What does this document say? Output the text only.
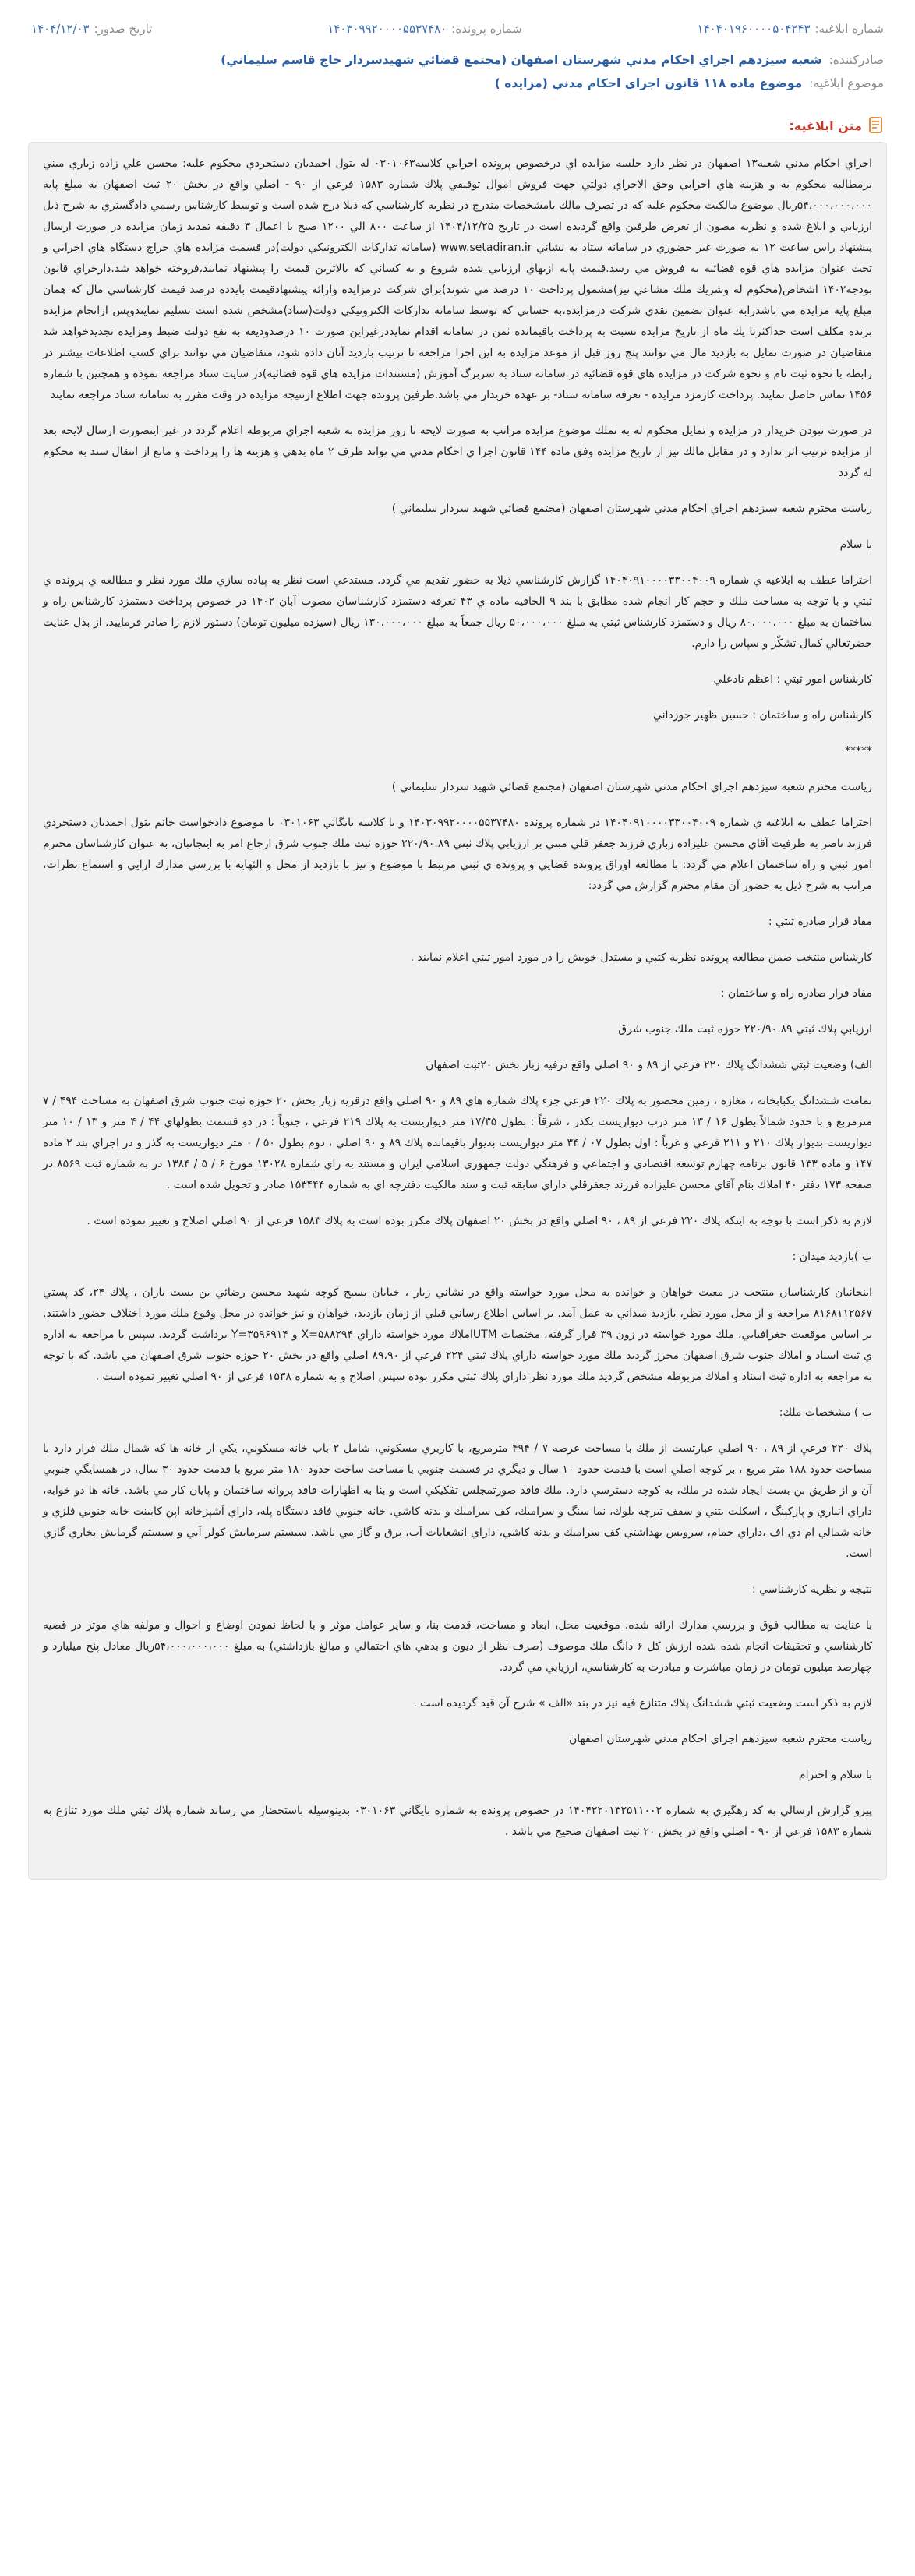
شماره ابلاغیه:
۱۴۰۴۰۱۹۶۰۰۰۰۵۰۴۲۴۳
شماره پرونده:
۱۴۰۳۰۹۹۲۰۰۰۰۵۵۳۷۴۸۰
تاریخ صدور:
۱۴۰۴/۱۲/۰۳
صادرکننده: شعبه سيزدهم اجراي احكام مدني شهرستان اصفهان (مجتمع قضائي شهيدسردار حاج قاسم سليماني)
موضوع ابلاغیه: موضوع ماده ۱۱۸ قانون اجراي احكام مدني (مزايده )
متن ابلاغیه:

اجراي احكام مدني شعبه۱۳ اصفهان در نظر دارد جلسه مزايده اي درخصوص پرونده اجرايي كلاسه۰۳۰۱۰۶۳ له بتول احمديان دستجردي محكوم عليه: محسن علي زاده زباري مبني برمطالبه محكوم به و هزينه هاي اجرايي وحق الاجراي دولتي جهت فروش اموال توقيفي پلاك شماره ۱۵۸۳ فرعي از ۹۰ - اصلي واقع در بخش ۲۰ ثبت اصفهان به مبلغ پايه ۵۴،۰۰۰،۰۰۰،۰۰۰ريال موضوع مالكيت محكوم عليه كه در تصرف مالك بامشخصات مندرج در نظريه كارشناسي كه ذيلا درج شده است و توسط كارشناس رسمي دادگستري به شرح ذيل ارزيابي و ابلاغ شده و نظريه مصون از تعرض طرفين واقع گرديده است در تاريخ ۱۴۰۴/۱۲/۲۵ از ساعت ۸۰۰ الي ۱۲۰۰ صبح با اعمال ۳ دقيقه تمديد زمان مزايده در صورت ارسال پيشنهاد راس ساعت ۱۲ به صورت غير حضوري در سامانه ستاد به نشاني www.setadiran.ir (سامانه تداركات الكترونيكي دولت)در قسمت مزايده هاي حراج دستگاه هاي اجرايي و تحت عنوان مزايده هاي قوه قضائيه به فروش مي رسد.قيمت پايه ازبهاي ارزيابي شده شروع و به كساني كه بالاترين قيمت را پيشنهاد نمايند،فروخته خواهد شد.دارجراي قانون بودجه۱۴۰۲ اشخاص(محكوم له وشريك ملك مشاعي نيز)مشمول پرداخت ۱۰ درصد مي شوند)براي شركت درمزايده وارائه پيشنهادقيمت بايدده درصد قيمت كارشناسي مال كه همان مبلغ پايه مزايده مي باشدرابه عنوان تضمين نقدي شركت درمزايده،به حسابي كه توسط سامانه تداركات الكترونيكي دولت(ستاد)مشخص شده است تسليم نمايندوپس ازانجام مزايده برنده مكلف است حداكثرتا يك ماه از تاريخ مزايده نسبت به پرداخت باقيمانده ثمن در سامانه اقدام نمايددرغيراين صورت ۱۰ درصدوديعه به نفع دولت ضبط ومزايده تجديدخواهد شد متقاضيان در صورت تمايل به بازديد مال مي توانند پنج روز قبل از موعد مزايده به اين اجرا مراجعه تا ترتيب بازديد آنان داده شود، متقاضيان مي توانند براي كسب اطلاعات بيشتر در رابطه با نحوه ثبت نام و نحوه شركت در مزايده هاي قوه قضائيه در سامانه ستاد به سربرگ آموزش (مستندات مزايده هاي قوه قضائيه)در سايت ستاد مراجعه نموده و همچنين با شماره ۱۴۵۶ تماس حاصل نمايند. پرداخت كارمزد مزايده - تعرفه سامانه ستاد- بر عهده خريدار مي باشد.طرفين پرونده جهت اطلاع ازنتيجه مزايده در وقت مقرر به سامانه ستاد مراجعه نمايند

در صورت نبودن خريدار در مزايده و تمايل محكوم له به تملك موضوع مزايده مراتب به صورت لايحه تا روز مزايده به شعبه اجراي مربوطه اعلام گردد در غير اينصورت ارسال لايحه بعد از مزايده ترتيب اثر ندارد و در مقابل مالك نيز از تاريخ مزايده وفق ماده ۱۴۴ قانون اجرا ي احكام مدني مي تواند ظرف ۲ ماه بدهي و هزينه ها را پرداخت و مانع از انتقال سند به محكوم له گردد

رياست محترم شعبه سيزدهم اجراي احكام مدني شهرستان اصفهان (مجتمع قضائي شهيد سردار سليماني )

با سلام

احتراما عطف به ابلاغيه ي شماره ۱۴۰۴۰۹۱۰۰۰۰۳۳۰۰۴۰۰۹ گزارش كارشناسي ذيلا به حضور تقديم مي گردد. مستدعي است نظر به پياده سازي ملك مورد نظر و مطالعه ي پرونده ي ثبتي و با توجه به مساحت ملك و حجم كار انجام شده مطابق با بند ۹ الحاقيه ماده ي ۴۳ تعرفه دستمزد كارشناسان مصوب آبان ۱۴۰۲ در خصوص پرداخت دستمزد كارشناس راه و ساختمان به مبلغ ۸۰،۰۰۰،۰۰۰ ريال و دستمزد كارشناس ثبتي به مبلغ ۵۰،۰۰۰،۰۰۰ ريال جمعاً به مبلغ ۱۳۰،۰۰۰،۰۰۰ ريال (سيزده ميليون تومان) دستور لازم را صادر فرماييد. از بذل عنايت حضرتعالي كمال تشكّر و سپاس را دارم.

كارشناس امور ثبتي : اعظم نادعلي

كارشناس راه و ساختمان : حسين ظهير جوزداني

*****

رياست محترم شعبه سيزدهم اجراي احكام مدني شهرستان اصفهان (مجتمع قضائي شهيد سردار سليماني )

احتراما عطف به ابلاغيه ي شماره ۱۴۰۴۰۹۱۰۰۰۰۳۳۰۰۴۰۰۹ در شماره پرونده ۱۴۰۳۰۹۹۲۰۰۰۰۵۵۳۷۴۸۰ و با كلاسه بايگاني ۰۳۰۱۰۶۳ با موضوع دادخواست خانم بتول احمديان دستجردي فرزند ناصر به طرفيت آقاي محسن عليزاده زباري فرزند جعفر قلي مبني بر ارزيابي پلاك ثبتي ۲۲۰/۹۰.۸۹ حوزه ثبت ملك جنوب شرق ارجاع امر به اينجانبان، به عنوان كارشناسان محترم امور ثبتي و راه ساختمان اعلام مي گردد: با مطالعه اوراق پرونده قضايي و پرونده ي ثبتي مرتبط با موضوع و نيز با بازديد از محل و الئهايه با بررسي مدارك ارايي و استماع نظرات، مراتب به شرح ذيل به حضور آن مقام محترم گزارش مي گردد:

مفاد قرار صادره ثبتي :

كارشناس منتخب ضمن مطالعه پرونده نظريه كتبي و مستدل خويش را در مورد امور ثبتي اعلام نمايند .

مفاد قرار صادره راه و ساختمان :

ارزيابي پلاك ثبتي ۲۲۰/۹۰.۸۹ حوزه ثبت ملك جنوب شرق

الف) وضعيت ثبتي ششدانگ پلاك ۲۲۰ فرعي از ۸۹ و ۹۰ اصلي واقع درفيه زبار بخش ۲۰ثبت اصفهان

تمامت ششدانگ يكبابخانه ، مغازه ، زمين محصور به پلاك ۲۲۰ فرعي جزء پلاك شماره هاي ۸۹ و ۹۰ اصلي واقع درقريه زبار بخش ۲۰ حوزه ثبت جنوب شرق اصفهان به مساحت ۴۹۴ / ۷ مترمربع و با حدود شمالاً بطول ۱۶ / ۱۳ متر درب ديواريست بكذر ، شرقاً : بطول ۱۷/۳۵ متر ديواريست به پلاك ۲۱۹ فرعي ، جنوباً : در دو قسمت بطولهاي ۴۴ / ۴ متر و ۱۳ / ۱۰ متر ديواريست بديوار پلاك ۲۱۰ و ۲۱۱ فرعي و غرباً : اول بطول ۰۷ / ۳۴ متر ديواريست بديوار باقيمانده پلاك ۸۹ و ۹۰ اصلي ، دوم بطول ۵۰ / ۰ متر ديواريست به گذر و در اجراي بند ۲ ماده ۱۴۷ و ماده ۱۳۳ قانون برنامه چهارم توسعه اقتصادي و اجتماعي و فرهنگي دولت جمهوري اسلامي ايران و مستند به راي شماره ۱۳۰۲۸ مورخ ۶ / ۵ / ۱۳۸۴ در به شماره ثبت ۸۵۶۹ در صفحه ۱۷۳ دفتر ۴۰ املاك بنام آقاي محسن عليزاده فرزند جعفرقلي داراي سابقه ثبت و سند مالكيت دفترچه اي به شماره ۱۵۳۴۴۴ صادر و تحويل شده است .

لازم به ذكر است با توجه به اينكه پلاك ۲۲۰ فرعي از ۸۹ ، ۹۰ اصلي واقع در بخش ۲۰ اصفهان پلاك مكرر بوده است به پلاك ۱۵۸۳ فرعي از ۹۰ اصلي اصلاح و تغيير نموده است .

ب )بازديد ميدان :

اينجانبان كارشناسان منتخب در معيت خواهان و خوانده به محل مورد خواسته واقع در نشاني زبار ، خيابان بسيج كوچه شهيد محسن رضائي بن بست باران ، پلاك ۲۴، كد پستي ۸۱۶۸۱۱۲۵۶۷ مراجعه و از محل مورد نظر، بازديد ميداني به عمل آمد. بر اساس اطلاع رساني قبلي از زمان بازديد، خواهان و نيز خوانده در محل وقوع ملك مورد اختلاف حضور داشتند. بر اساس موقعيت جغرافيايي، ملك مورد خواسته در زون ۳۹ قرار گرفته، مختصات UTMاملاك مورد خواسته داراي X=۵۸۸۲۹۴ و Y=۳۵۹۶۹۱۴ برداشت گرديد. سپس با مراجعه به اداره ي ثبت اسناد و املاك جنوب شرق اصفهان محرز گرديد ملك مورد خواسته داراي پلاك ثبتي ۲۲۴ فرعي از ۸۹،۹۰ اصلي واقع در بخش ۲۰ حوزه جنوب شرق اصفهان مي باشد. كه با توجه به مراجعه به اداره ثبت اسناد و املاك مربوطه مشخص گرديد ملك مورد نظر داراي پلاك ثبتي مكرر بوده سپس اصلاح و به شماره ۱۵۳۸ فرعي از ۹۰ اصلي تغيير نموده است .

ب ) مشخصات ملك:

پلاك ۲۲۰ فرعي از ۸۹ ، ۹۰ اصلي عبارتست از ملك با مساحت عرصه ۷ / ۴۹۴ مترمربع، با كاربري مسكوني، شامل ۲ باب خانه مسكوني، يكي از خانه ها كه شمال ملك قرار دارد با مساحت حدود ۱۸۸ متر مربع ، بر كوچه اصلي است با قدمت حدود ۱۰ سال و ديگري در قسمت جنوبي با مساحت ساخت حدود ۱۸۰ متر مربع با قدمت حدود ۳۰ سال، در همسايگي جنوبي آن و از طريق بن بست ايجاد شده در ملك، به كوچه دسترسي دارد. ملك فاقد صورتمجلس تفكيكي است و بنا به اظهارات فاقد پروانه ساختمان و پايان كار مي باشد. خانه ها دو خوابه، داراي انباري و پاركينگ ، اسكلت بتني و سقف تيرچه بلوك، نما سنگ و سراميك، كف سراميك و بدنه كاشي. خانه جنوبي فاقد دستگاه پله، داراي آشپزخانه اپن كابينت خانه جنوبي فلزي و خانه شمالي ام دي اف ،داراي حمام، سرويس بهداشتي كف سراميك و بدنه كاشي، داراي انشعابات آب، برق و گاز مي باشد. سيستم سرمايش كولر آبي و سيستم گرمايش بخاري گازي است.

نتيجه و نظريه كارشناسي :

با عنايت به مطالب فوق و بررسي مدارك ارائه شده، موقعيت محل، ابعاد و مساحت، قدمت بنا، و ساير عوامل موثر و با لحاظ نمودن اوضاع و احوال و مولفه هاي موثر در قضيه كارشناسي و تحقيقات انجام شده شده ارزش كل ۶ دانگ ملك موصوف (صرف نظر از ديون و بدهي هاي احتمالي و مبالغ بازداشتي) به مبلغ ۵۴،۰۰۰،۰۰۰،۰۰۰ريال معادل پنج ميليارد و چهارصد ميليون تومان در زمان مباشرت و مبادرت به كارشناسي، ارزيابي مي گردد.

لازم به ذكر است وضعيت ثبتي ششدانگ پلاك متنازع فيه نيز در بند «الف » شرح آن قيد گرديده است .

رياست محترم شعبه سيزدهم اجراي احكام مدني شهرستان اصفهان

با سلام و احترام

پيرو گزارش ارسالي به كد رهگيري به شماره ۱۴۰۴۲۲۰۱۳۲۵۱۱۰۰۲ در خصوص پرونده به شماره بايگاني ۰۳۰۱۰۶۳ بدينوسيله باستحضار مي رساند شماره پلاك ثبتي ملك مورد تنازع به شماره ۱۵۸۳ فرعي از ۹۰ - اصلي واقع در بخش ۲۰ ثبت اصفهان صحيح مي باشد .
